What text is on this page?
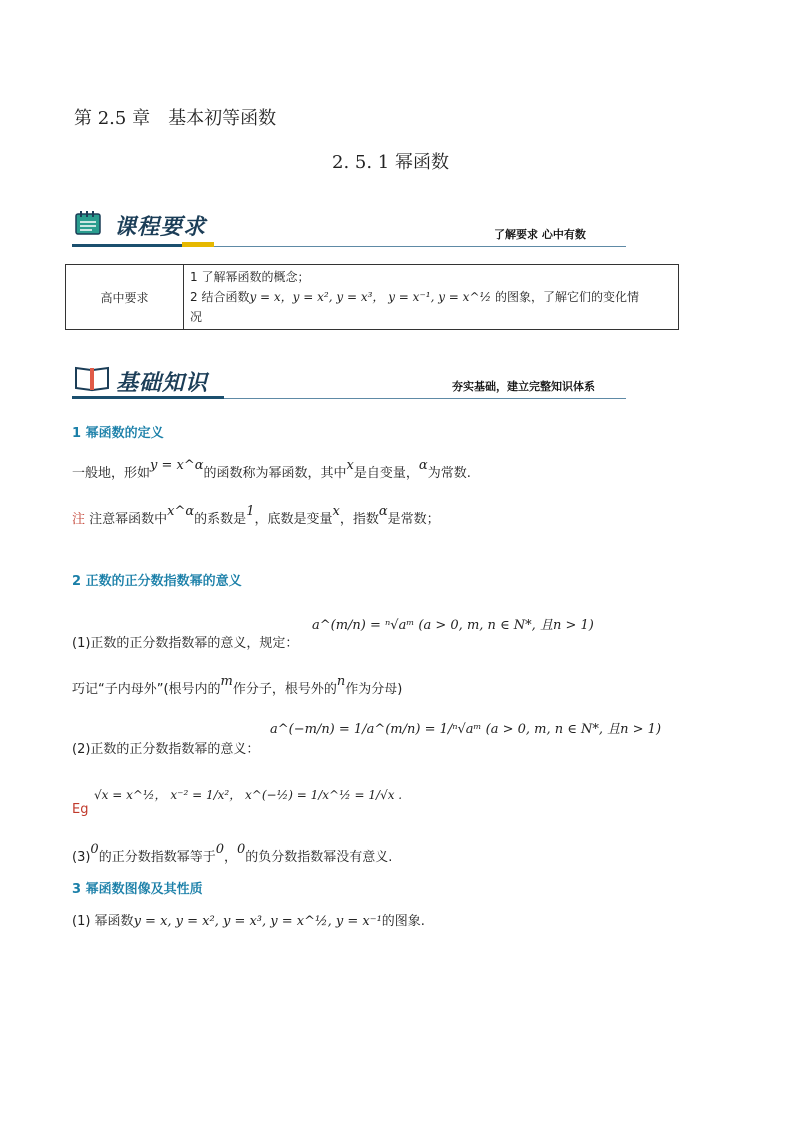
第 2.5 章　基本初等函数
2. 5. 1 幂函数
课程要求	了解要求 心中有数
高中要求	
1 了解幂函数的概念；
2 结合函数y = x，y = x², y = x³， y = x⁻¹, y = x^½ 的图象，了解它们的变化情
况
基础知识	夯实基础，建立完整知识体系
1 幂函数的定义
一般地，形如y = x^α的函数称为幂函数，其中x是自变量，α为常数.
注 注意幂函数中x^α的系数是1，底数是变量x，指数α是常数；
2 正数的正分数指数幂的意义
a^(m/n) = ⁿ√aᵐ (a > 0, m, n ∈ N*, 且n > 1)
(1)正数的正分数指数幂的意义，规定：
巧记“子内母外”(根号内的m作分子，根号外的n作为分母)
a^(−m/n) = 1/a^(m/n) = 1/ⁿ√aᵐ (a > 0, m, n ∈ N*, 且n > 1)
(2)正数的正分数指数幂的意义：
Eg
√x = x^½， x⁻² = 1/x²， x^(−½) = 1/x^½ = 1/√x .
(3)0的正分数指数幂等于0，0的负分数指数幂没有意义.
3 幂函数图像及其性质
(1) 幂函数y = x, y = x², y = x³, y = x^½, y = x⁻¹的图象.
